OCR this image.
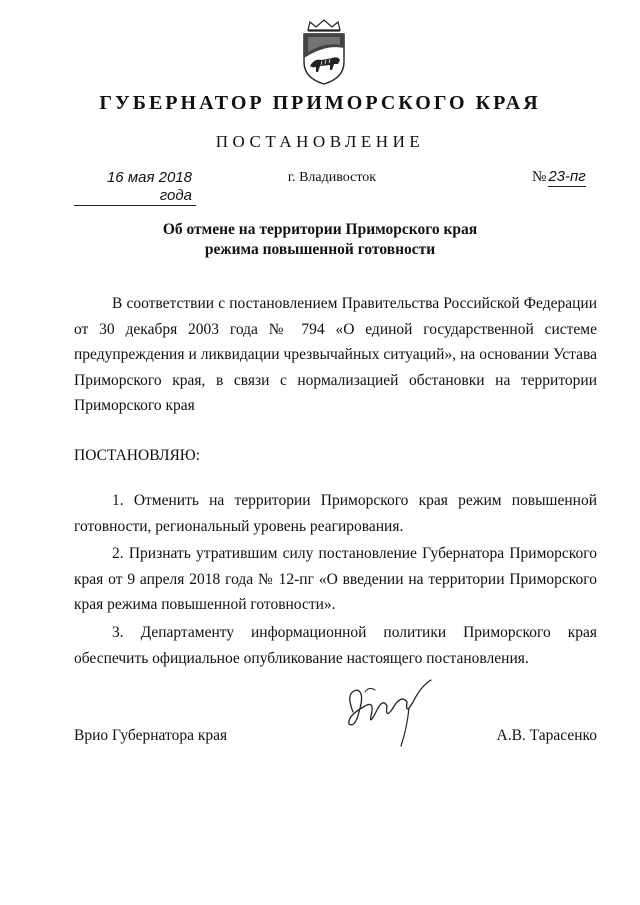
ГУБЕРНАТОР ПРИМОРСКОГО КРАЯ
ПОСТАНОВЛЕНИЕ
16 мая 2018 года
г. Владивосток	№ 23-пг
Об отмене на территории Приморского края
режима повышенной готовности
В соответствии с постановлением Правительства Российской Федерации от 30 декабря 2003 года № 794 «О единой государственной системе предупреждения и ликвидации чрезвычайных ситуаций», на основании Устава Приморского края, в связи с нормализацией обстановки на территории Приморского края
ПОСТАНОВЛЯЮ:
1. Отменить на территории Приморского края режим повышенной готовности, региональный уровень реагирования.
2. Признать утратившим силу постановление Губернатора Приморского края от 9 апреля 2018 года № 12-пг «О введении на территории Приморского края режима повышенной готовности».
3. Департаменту информационной политики Приморского края обеспечить официальное опубликование настоящего постановления.
Врио Губернатора края	А.В. Тарасенко
